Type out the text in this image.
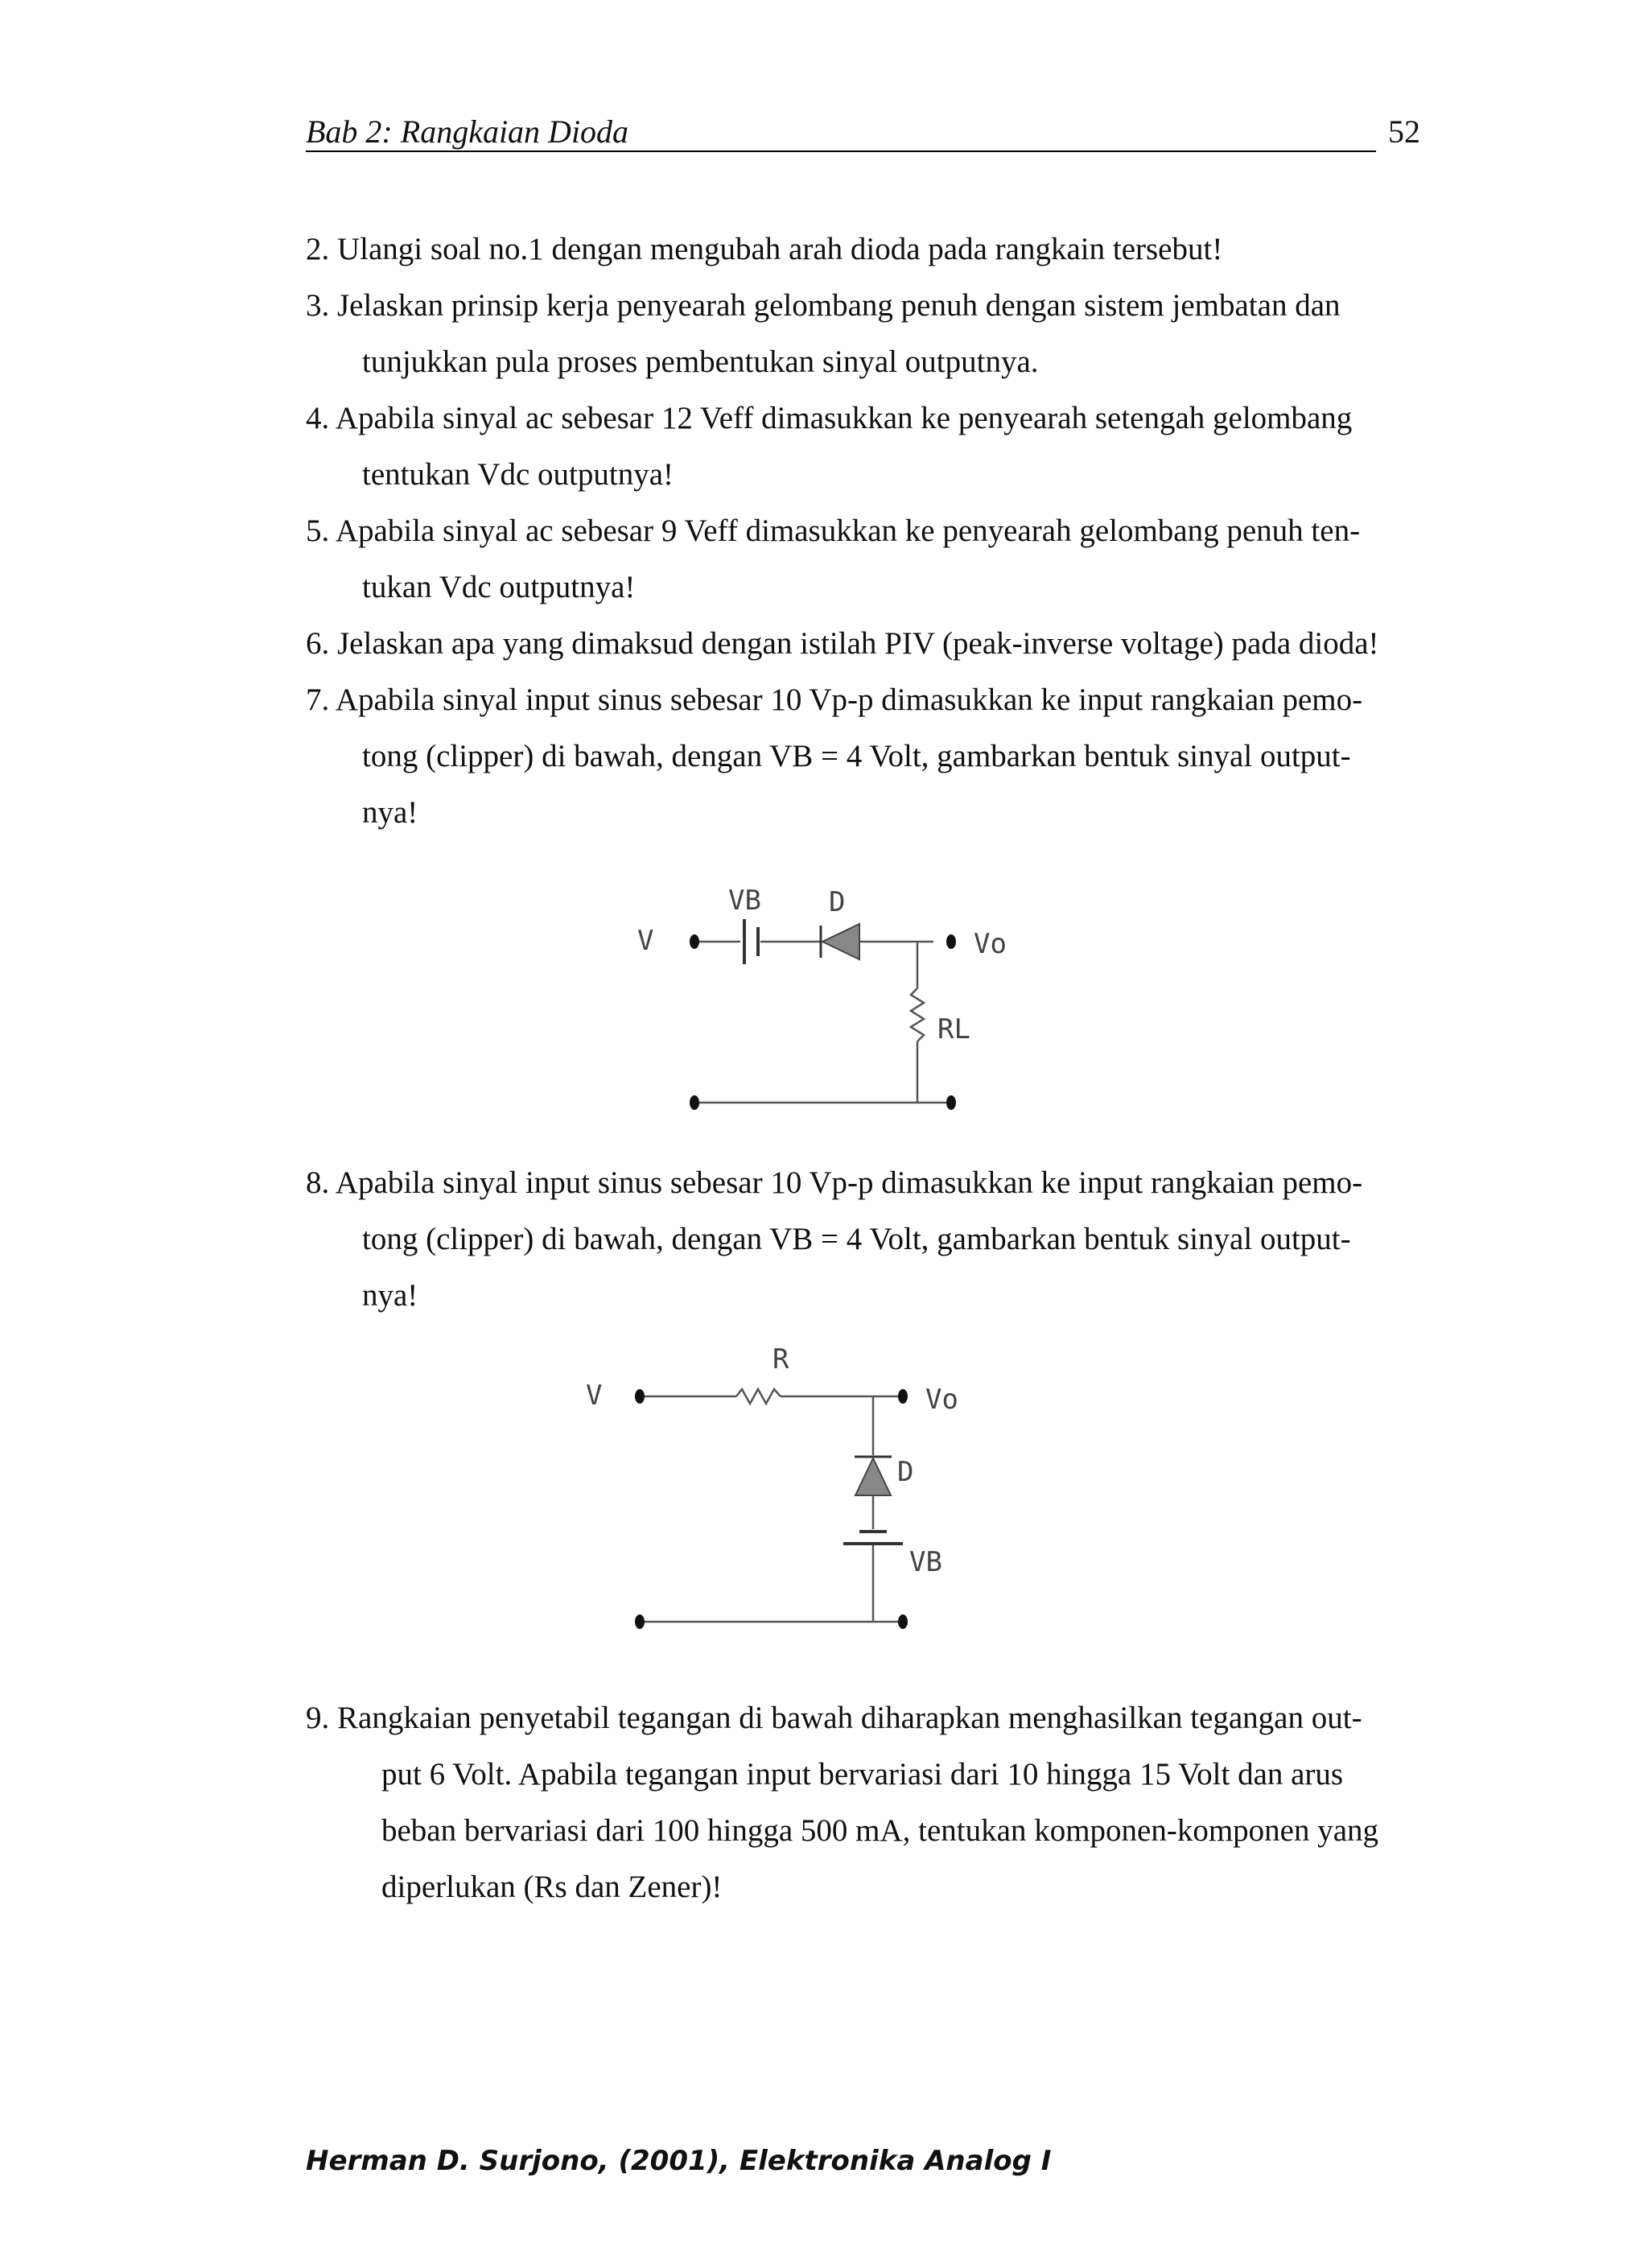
Bab 2: Rangkaian Dioda	52
2. Ulangi soal no.1 dengan mengubah arah dioda pada rangkain tersebut!
3. Jelaskan prinsip kerja penyearah gelombang penuh dengan sistem jembatan dan
tunjukkan pula proses pembentukan sinyal outputnya.
4. Apabila sinyal ac sebesar 12 Veff dimasukkan ke penyearah setengah gelombang
tentukan Vdc outputnya!
5. Apabila sinyal ac sebesar 9 Veff dimasukkan ke penyearah gelombang penuh ten-
tukan Vdc outputnya!
6. Jelaskan apa yang dimaksud dengan istilah PIV (peak-inverse voltage) pada dioda!
7. Apabila sinyal input sinus sebesar 10 Vp-p dimasukkan ke input rangkaian pemo-
tong (clipper) di bawah, dengan VB = 4 Volt, gambarkan bentuk sinyal output-
nya!
VB D
V	Vo
RL
8. Apabila sinyal input sinus sebesar 10 Vp-p dimasukkan ke input rangkaian pemo-
tong (clipper) di bawah, dengan VB = 4 Volt, gambarkan bentuk sinyal output-
nya!
R
V	Vo
D
VB
9. Rangkaian penyetabil tegangan di bawah diharapkan menghasilkan tegangan out-
put 6 Volt. Apabila tegangan input bervariasi dari 10 hingga 15 Volt dan arus
beban bervariasi dari 100 hingga 500 mA, tentukan komponen-komponen yang
diperlukan (Rs dan Zener)!
Herman D. Surjono, (2001), Elektronika Analog I
